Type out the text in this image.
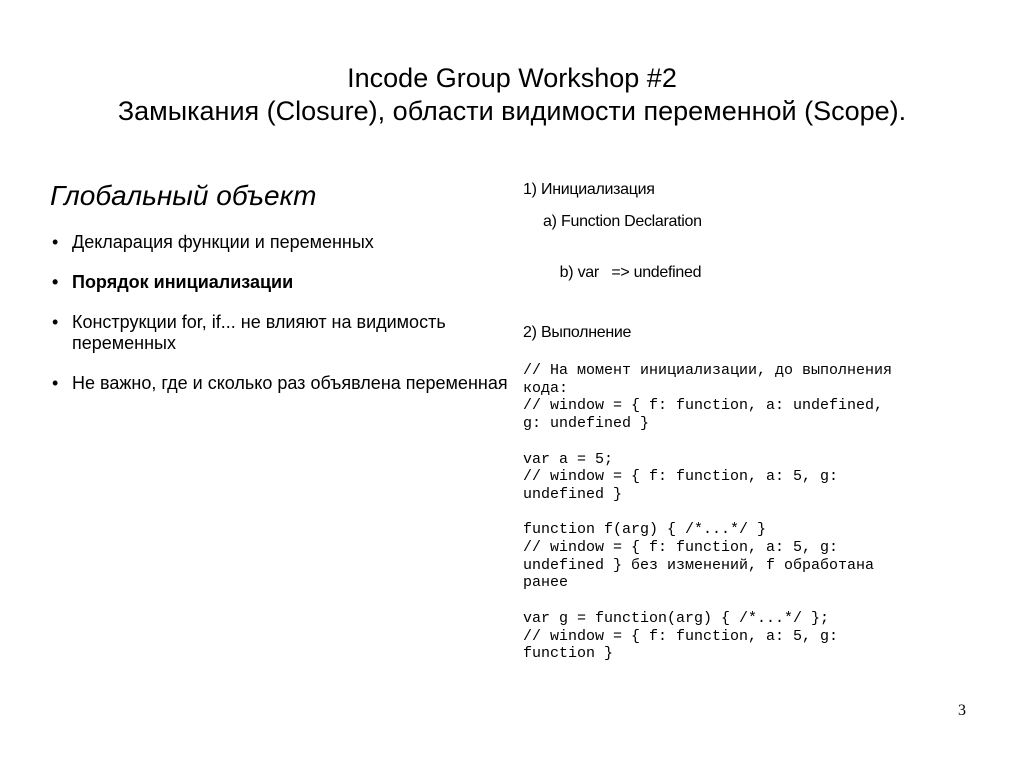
Incode Group Workshop #2
Замыкания (Closure), области видимости переменной (Scope).
Глобальный объект
• Декларация функции и переменных
• Порядок инициализации
• Конструкции for, if... не влияют на видимость переменных
• Не важно, где и сколько раз объявлена переменная
1) Инициализация
a) Function Declaration

b) var   => undefined

2) Выполнение
// На момент инициализации, до выполнения
кода:
// window = { f: function, a: undefined,
g: undefined }

var a = 5;
// window = { f: function, a: 5, g:
undefined }

function f(arg) { /*...*/ }
// window = { f: function, a: 5, g:
undefined } без изменений, f обработана
ранее

var g = function(arg) { /*...*/ };
// window = { f: function, a: 5, g:
function }
3
